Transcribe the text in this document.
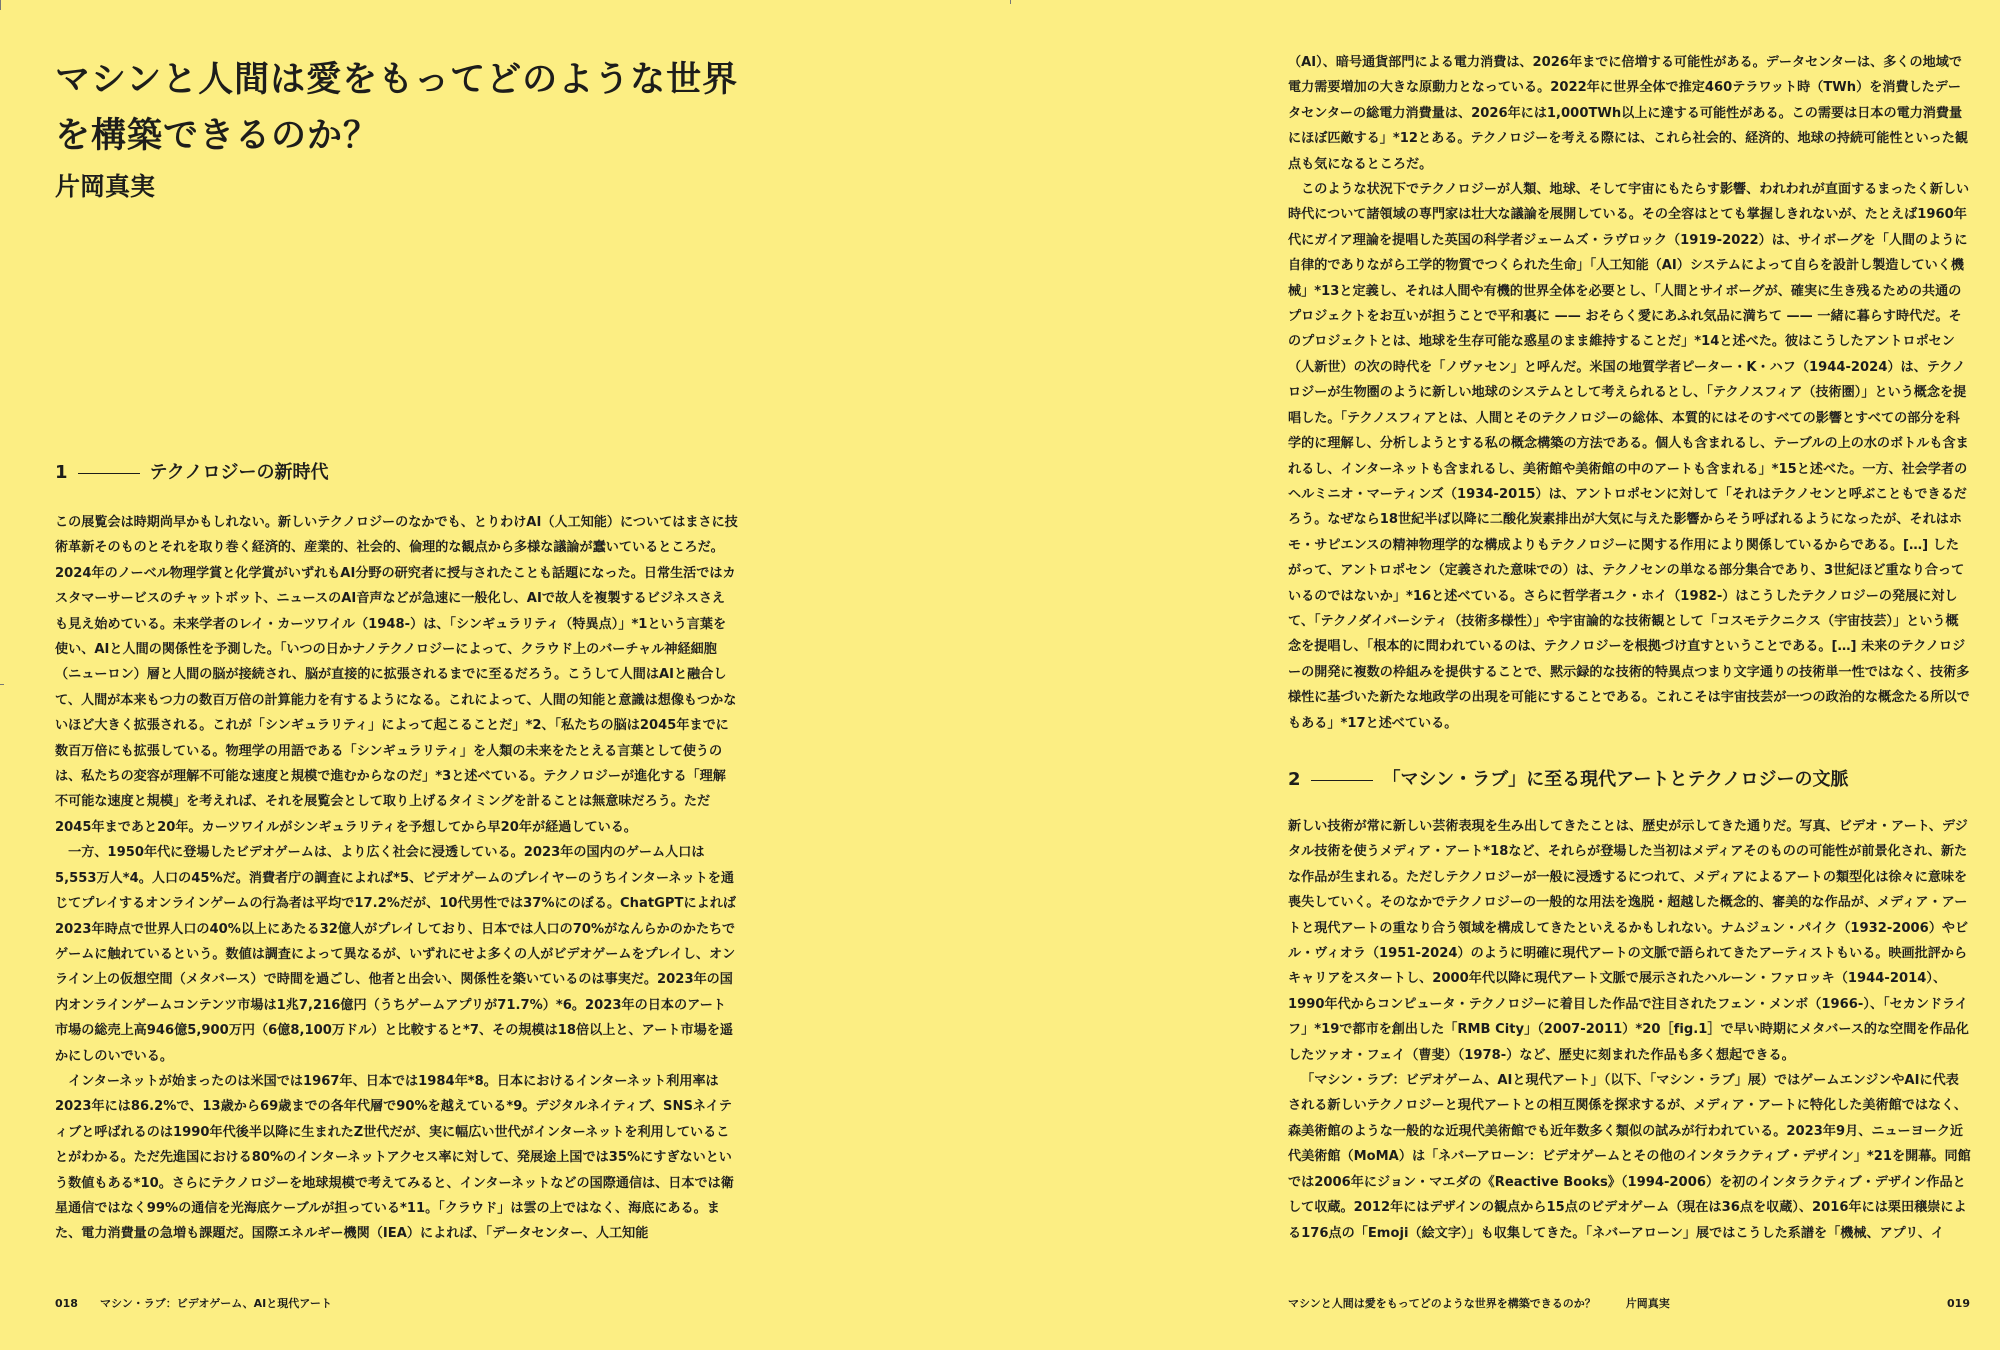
マシンと人間は愛をもってどのような世界を構築できるのか？
片岡真実
1	テクノロジーの新時代

この展覧会は時期尚早かもしれない。新しいテクノロジーのなかでも、とりわけAI（人工知能）についてはまさに技術革新そのものとそれを取り巻く経済的、産業的、社会的、倫理的な観点から多様な議論が蠢いているところだ。2024年のノーベル物理学賞と化学賞がいずれもAI分野の研究者に授与されたことも話題になった。日常生活ではカスタマーサービスのチャットボット、ニュースのAI音声などが急速に一般化し、AIで故人を複製するビジネスさえも見え始めている。未来学者のレイ・カーツワイル（1948-）は、「シンギュラリティ（特異点）」*1という言葉を使い、AIと人間の関係性を予測した。「いつの日かナノテクノロジーによって、クラウド上のバーチャル神経細胞（ニューロン）層と人間の脳が接続され、脳が直接的に拡張されるまでに至るだろう。こうして人間はAIと融合して、人間が本来もつ力の数百万倍の計算能力を有するようになる。これによって、人間の知能と意識は想像もつかないほど大きく拡張される。これが「シンギュラリティ」によって起こることだ」*2、「私たちの脳は2045年までに数百万倍にも拡張している。物理学の用語である「シンギュラリティ」を人類の未来をたとえる言葉として使うのは、私たちの変容が理解不可能な速度と規模で進むからなのだ」*3と述べている。テクノロジーが進化する「理解不可能な速度と規模」を考えれば、それを展覧会として取り上げるタイミングを計ることは無意味だろう。ただ2045年まであと20年。カーツワイルがシンギュラリティを予想してから早20年が経過している。

一方、1950年代に登場したビデオゲームは、より広く社会に浸透している。2023年の国内のゲーム人口は5,553万人*4。人口の45%だ。消費者庁の調査によれば*5、ビデオゲームのプレイヤーのうちインターネットを通じてプレイするオンラインゲームの行為者は平均で17.2%だが、10代男性では37%にのぼる。ChatGPTによれば2023年時点で世界人口の40%以上にあたる32億人がプレイしており、日本では人口の70%がなんらかのかたちでゲームに触れているという。数値は調査によって異なるが、いずれにせよ多くの人がビデオゲームをプレイし、オンライン上の仮想空間（メタバース）で時間を過ごし、他者と出会い、関係性を築いているのは事実だ。2023年の国内オンラインゲームコンテンツ市場は1兆7,216億円（うちゲームアプリが71.7%）*6。2023年の日本のアート市場の総売上高946億5,900万円（6億8,100万ドル）と比較すると*7、その規模は18倍以上と、アート市場を遥かにしのいでいる。

インターネットが始まったのは米国では1967年、日本では1984年*8。日本におけるインターネット利用率は2023年には86.2%で、13歳から69歳までの各年代層で90%を越えている*9。デジタルネイティブ、SNSネイティブと呼ばれるのは1990年代後半以降に生まれたZ世代だが、実に幅広い世代がインターネットを利用していることがわかる。ただ先進国における80%のインターネットアクセス率に対して、発展途上国では35%にすぎないという数値もある*10。さらにテクノロジーを地球規模で考えてみると、インターネットなどの国際通信は、日本では衛星通信ではなく99%の通信を光海底ケーブルが担っている*11。「クラウド」は雲の上ではなく、海底にある。また、電力消費量の急増も課題だ。国際エネルギー機関（IEA）によれば、「データセンター、人工知能

018 マシン・ラブ：ビデオゲーム、AIと現代アート

（AI）、暗号通貨部門による電力消費は、2026年までに倍増する可能性がある。データセンターは、多くの地域で電力需要増加の大きな原動力となっている。2022年に世界全体で推定460テラワット時（TWh）を消費したデータセンターの総電力消費量は、2026年には1,000TWh以上に達する可能性がある。この需要は日本の電力消費量にほぼ匹敵する」*12とある。テクノロジーを考える際には、これら社会的、経済的、地球の持続可能性といった観点も気になるところだ。

このような状況下でテクノロジーが人類、地球、そして宇宙にもたらす影響、われわれが直面するまったく新しい時代について諸領域の専門家は壮大な議論を展開している。その全容はとても掌握しきれないが、たとえば1960年代にガイア理論を提唱した英国の科学者ジェームズ・ラヴロック（1919-2022）は、サイボーグを「人間のように自律的でありながら工学的物質でつくられた生命」「人工知能（AI）システムによって自らを設計し製造していく機械」*13と定義し、それは人間や有機的世界全体を必要とし、「人間とサイボーグが、確実に生き残るための共通のプロジェクトをお互いが担うことで平和裏に —— おそらく愛にあふれ気品に満ちて —— 一緒に暮らす時代だ。そのプロジェクトとは、地球を生存可能な惑星のまま維持することだ」*14と述べた。彼はこうしたアントロポセン（人新世）の次の時代を「ノヴァセン」と呼んだ。米国の地質学者ピーター・K・ハフ（1944-2024）は、テクノロジーが生物圏のように新しい地球のシステムとして考えられるとし、「テクノスフィア（技術圏）」という概念を提唱した。「テクノスフィアとは、人間とそのテクノロジーの総体、本質的にはそのすべての影響とすべての部分を科学的に理解し、分析しようとする私の概念構築の方法である。個人も含まれるし、テーブルの上の水のボトルも含まれるし、インターネットも含まれるし、美術館や美術館の中のアートも含まれる」*15と述べた。一方、社会学者のヘルミニオ・マーティンズ（1934-2015）は、アントロポセンに対して「それはテクノセンと呼ぶこともできるだろう。なぜなら18世紀半ば以降に二酸化炭素排出が大気に与えた影響からそう呼ばれるようになったが、それはホモ・サピエンスの精神物理学的な構成よりもテクノロジーに関する作用により関係しているからである。[…] したがって、アントロポセン（定義された意味での）は、テクノセンの単なる部分集合であり、3世紀ほど重なり合っているのではないか」*16と述べている。さらに哲学者ユク・ホイ（1982-）はこうしたテクノロジーの発展に対して、「テクノダイバーシティ（技術多様性）」や宇宙論的な技術観として「コスモテクニクス（宇宙技芸）」という概念を提唱し、「根本的に問われているのは、テクノロジーを根拠づけ直すということである。[…] 未来のテクノロジーの開発に複数の枠組みを提供することで、黙示録的な技術的特異点つまり文字通りの技術単一性ではなく、技術多様性に基づいた新たな地政学の出現を可能にすることである。これこそは宇宙技芸が一つの政治的な概念たる所以でもある」*17と述べている。

2	「マシン・ラブ」に至る現代アートとテクノロジーの文脈

新しい技術が常に新しい芸術表現を生み出してきたことは、歴史が示してきた通りだ。写真、ビデオ・アート、デジタル技術を使うメディア・アート*18など、それらが登場した当初はメディアそのものの可能性が前景化され、新たな作品が生まれる。ただしテクノロジーが一般に浸透するにつれて、メディアによるアートの類型化は徐々に意味を喪失していく。そのなかでテクノロジーの一般的な用法を逸脱・超越した概念的、審美的な作品が、メディア・アートと現代アートの重なり合う領域を構成してきたといえるかもしれない。ナムジュン・パイク（1932-2006）やビル・ヴィオラ（1951-2024）のように明確に現代アートの文脈で語られてきたアーティストもいる。映画批評からキャリアをスタートし、2000年代以降に現代アート文脈で展示されたハルーン・ファロッキ（1944-2014）、1990年代からコンピュータ・テクノロジーに着目した作品で注目されたフェン・メンボ（1966-）、「セカンドライフ」*19で都市を創出した「RMB City」（2007-2011）*20［fig.1］で早い時期にメタバース的な空間を作品化したツァオ・フェイ（曹斐）（1978-）など、歴史に刻まれた作品も多く想起できる。

「マシン・ラブ：ビデオゲーム、AIと現代アート」（以下、「マシン・ラブ」展）ではゲームエンジンやAIに代表される新しいテクノロジーと現代アートとの相互関係を探求するが、メディア・アートに特化した美術館ではなく、森美術館のような一般的な近現代美術館でも近年数多く類似の試みが行われている。2023年9月、ニューヨーク近代美術館（MoMA）は「ネバーアローン：ビデオゲームとその他のインタラクティブ・デザイン」*21を開幕。同館では2006年にジョン・マエダの《Reactive Books》（1994-2006）を初のインタラクティブ・デザイン作品として収蔵。2012年にはデザインの観点から15点のビデオゲーム（現在は36点を収蔵）、2016年には栗田穣崇による176点の「Emoji（絵文字）」も収集してきた。「ネバーアローン」展ではこうした系譜を「機械、アプリ、イ

マシンと人間は愛をもってどのような世界を構築できるのか？	片岡真実	019
